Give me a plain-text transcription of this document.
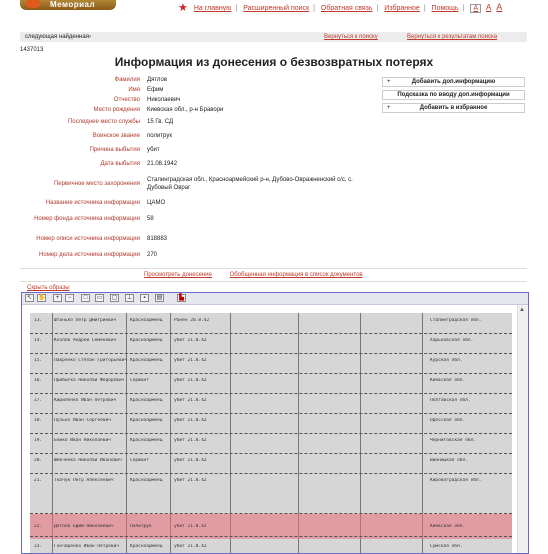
Мемориал	★ На главную | Расширенный поиск | Обратная связь | Избранное | Помощь | А А А
следующая найденная›	Вернуться к поиску	Вернуться к результатам поиска
1437013
Информация из донесения о безвозвратных потерях
Фамилия	Дятлов
Имя	Ефим
Отчество	Николаевич
Место рождения	Киевская обл., р-н Бравори
Последнее место службы	15 Гв. СД
Воинское звание	политрук
Причина выбытия	убит
Дата выбытия	21.08.1942
Первичное место захоронения
Сталинградская обл., Красноармейский р-н, Дубово-Овражненский с/с, с. Дубовый Овраг
Название источника информации	ЦАМО
Номер фонда источника информации	58
Номер описи источника информации	818883
Номер дела источника информации	270
+	Добавить доп.информацию
Подсказка по вводу доп.информации
+	Добавить в избранное
Просмотреть донесение	Обобщенная информация в список документов
Скрыть образы
↖ ✋	+	−	□	▭ ▢	⊥	▪	▤	▙
▲
13.	Штанько Петр Дмитриевич	Красноармеец	Ранен 20.8.42	Сталинградская обл.
14.	Козлов Андрей Семенович	Красноармеец	убит 21.8.42	Харьковская обл.
15.	Лавренко Степан Григорьевич Красноармеец	убит 21.8.42	Курская обл.
16.	Прибытко Николай Федорович Сержант	убит 21.8.42	Киевская обл.
17.	Кириленко Иван Петрович	Красноармеец	убит 21.8.42	Полтавская обл.
18.	Пузько Иван Сергеевич	Красноармеец	убит 21.8.42	Одесская обл.
19.	Бойко Иван Николаевич	Красноармеец	убит 21.8.42	Черниговская обл.
20.	Шевченко Николай Иванович Сержант	убит 21.8.42	Винницкая обл.
21.	Ткачук Петр Алексеевич	Красноармеец	убит 21.8.42	Кировоградская обл.
22.	Дятлов Ефим Николаевич	Политрук	убит 21.8.42	Киевская обл.
23.	Гончаренко Иван Петрович Красноармеец	убит 21.8.42	Сумская обл.
